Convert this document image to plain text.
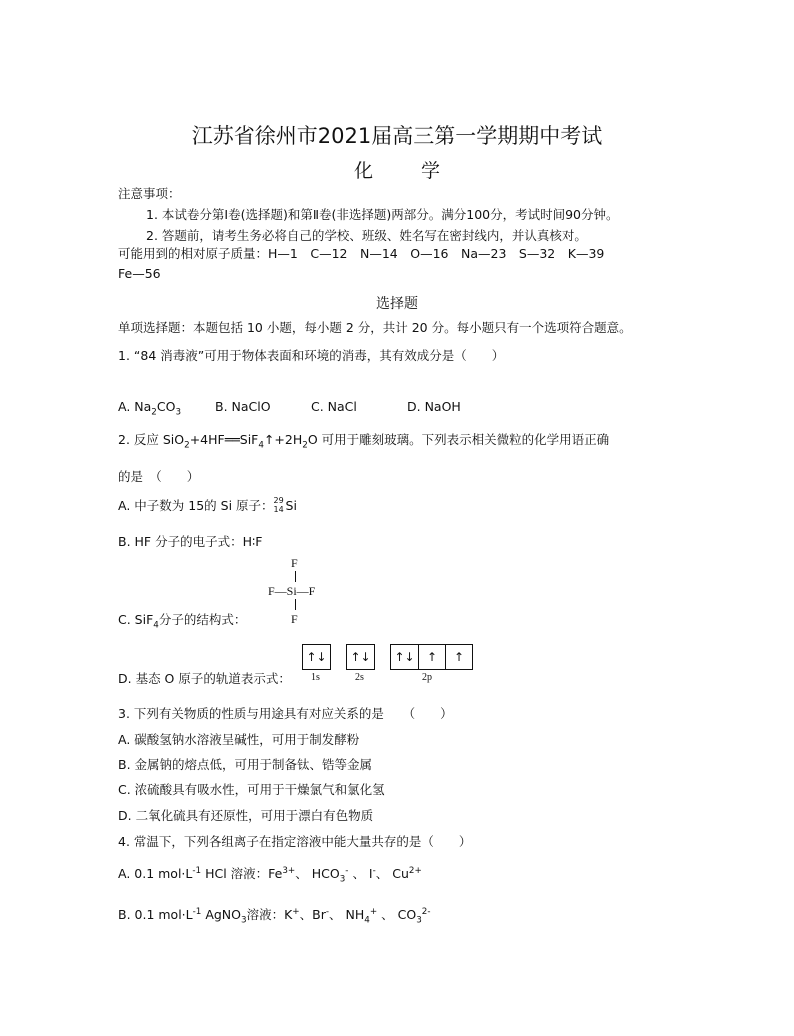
江苏省徐州市2021届高三第一学期期中考试
化	学
注意事项：
1. 本试卷分第Ⅰ卷(选择题)和第Ⅱ卷(非选择题)两部分。满分100分，考试时间90分钟。
2. 答题前，请考生务必将自己的学校、班级、姓名写在密封线内，并认真核对。
可能用到的相对原子质量：H—1　C—12　N—14　O—16　Na—23　S—32　K—39
Fe—56
选择题
单项选择题：本题包括 10 小题，每小题 2 分，共计 20 分。每小题只有一个选项符合题意。
1. “84 消毒液”可用于物体表面和环境的消毒，其有效成分是（　　）
A. $Na_2CO_3$	B. NaClO	C. NaCl	D. NaOH
2. 反应 $SiO_2+4HF══SiF_4↑+2H_2O$ 可用于雕刻玻璃。下列表示相关微粒的化学用语正确
的是　（　　）
A. 中子数为 15的 Si 原子： 29
14 Si
B. HF 分子的电子式：H∶F
F
F—Si—F
F
C. SiF$_4$分子的结构式：
D. 基态 O 原子的轨道表示式：
↑↓ ↑↓ ↑↓	↑	↑
1s	2s	2p
3. 下列有关物质的性质与用途具有对应关系的是　　（　　）
A. 碳酸氢钠水溶液呈碱性，可用于制发酵粉
B. 金属钠的熔点低，可用于制备钛、锆等金属
C. 浓硫酸具有吸水性，可用于干燥氯气和氯化氢
D. 二氧化硫具有还原性，可用于漂白有色物质
4. 常温下，下列各组离子在指定溶液中能大量共存的是（　　）
A. 0.1 $mol\cdot L^{-1}$ HCl 溶液：$Fe^{3+}$、 $HCO_3^-$ 、 I-、 $Cu^{2+}$
B. 0.1 $mol\cdot L^{-1}$ AgNO$_3$溶液：K+、Br-、 $NH_4^+$ 、 $CO_3^{2-}$
